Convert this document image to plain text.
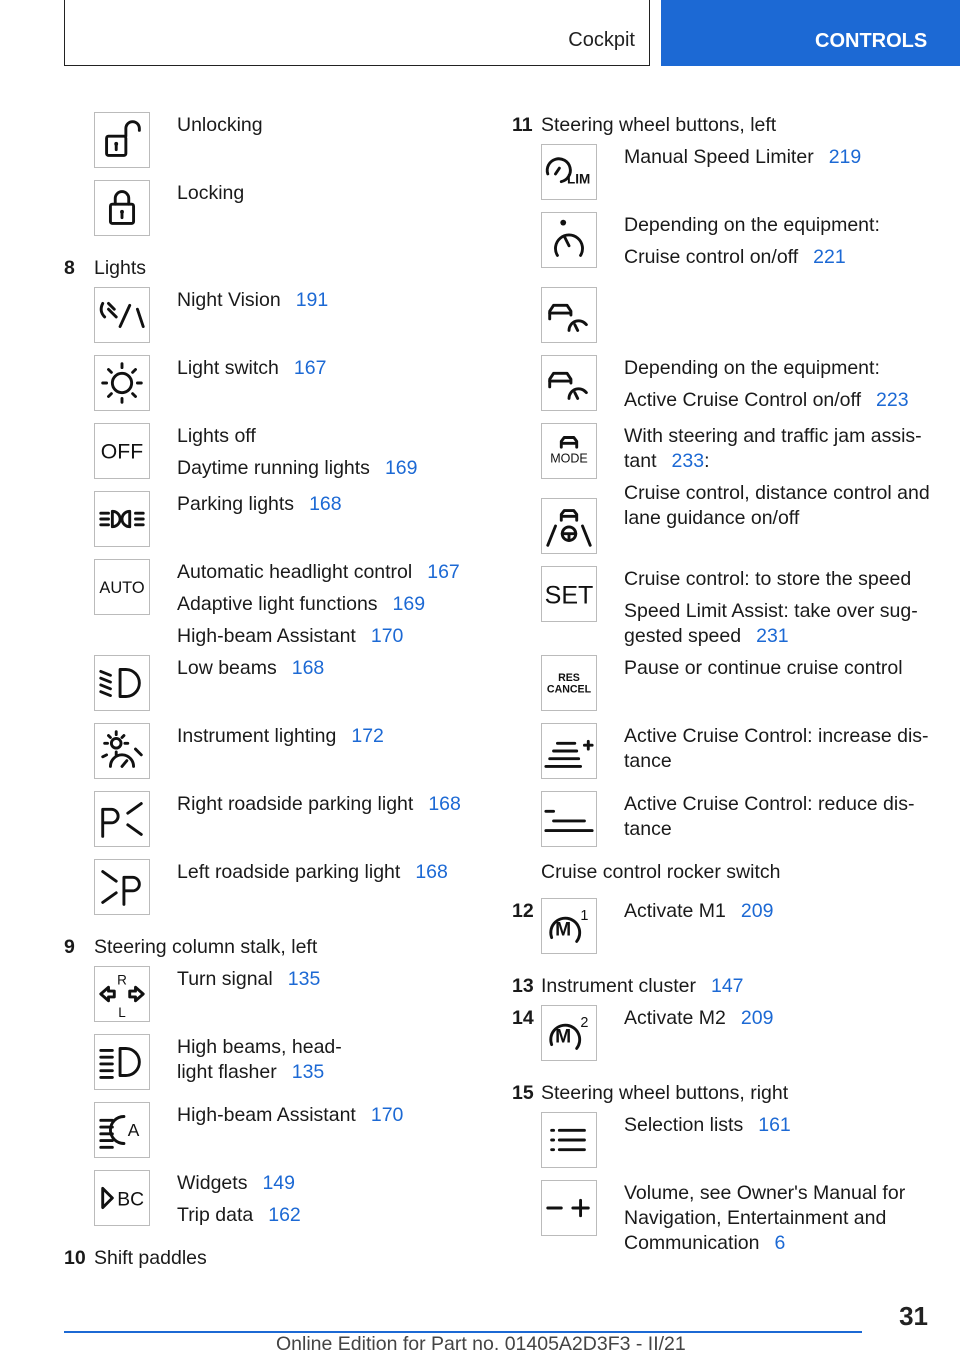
Cockpit	CONTROLS
Unlocking
Locking
8 Lights
Night Vision 191
Light switch 167
OFF
Lights off
Daytime running lights 169
Parking lights 168
AUTO
Automatic headlight control 167
Adaptive light functions 169
High-beam Assistant 170
Low beams 168
Instrument lighting 172
Right roadside parking light 168
Left roadside parking light 168
9 Steering column stalk, left
R
L
Turn signal 135
High beams, head-
light flasher 135
A
High-beam Assistant 170
BC
Widgets 149
Trip data 162
10 Shift paddles
11 Steering wheel buttons, left
LIM
Manual Speed Limiter 219
Depending on the equipment:
Cruise control on/off 221
Depending on the equipment:
Active Cruise Control on/off 223
MODE
With steering and traffic jam assis-
tant 233:
Cruise control, distance control and
lane guidance on/off
SET
Cruise control: to store the speed
Speed Limit Assist: take over sug-
gested speed 231
RES
CANCEL
Pause or continue cruise control
Active Cruise Control: increase dis-
tance
Active Cruise Control: reduce dis-
tance
Cruise control rocker switch
12
M
1 Activate M1 209
13 Instrument cluster 147
14
M
2 Activate M2 209
15 Steering wheel buttons, right
Selection lists 161
Volume, see Owner's Manual for
Navigation, Entertainment and
Communication 6
31
Online Edition for Part no. 01405A2D3F3 - II/21
